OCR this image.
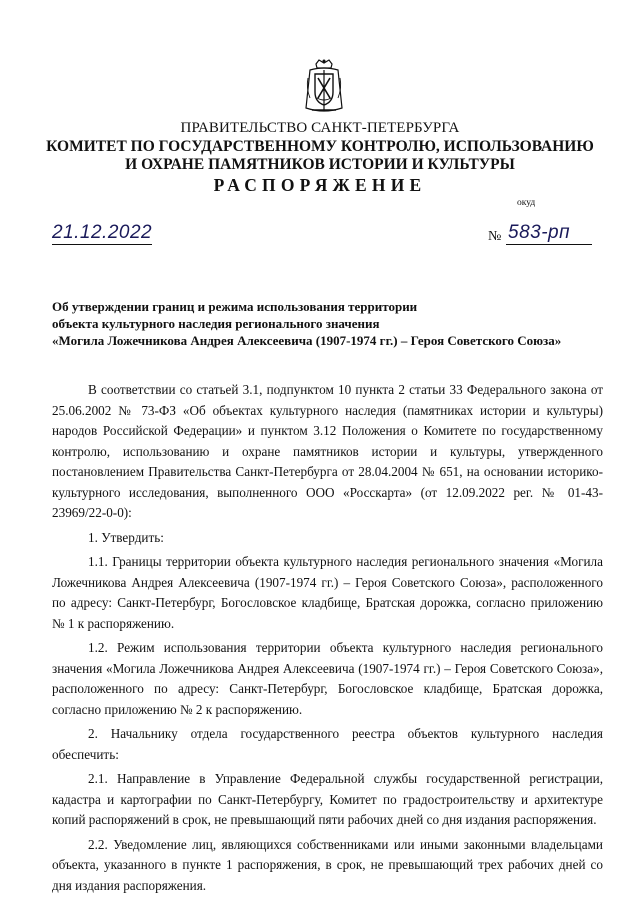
ПРАВИТЕЛЬСТВО САНКТ-ПЕТЕРБУРГА
КОМИТЕТ ПО ГОСУДАРСТВЕННОМУ КОНТРОЛЮ, ИСПОЛЬЗОВАНИЮ
И ОХРАНЕ ПАМЯТНИКОВ ИСТОРИИ И КУЛЬТУРЫ
РАСПОРЯЖЕНИЕ
окуд
21.12.2022	№ 583-рп
Об утверждении границ и режима использования территории
объекта культурного наследия регионального значения
«Могила Ложечникова Андрея Алексеевича (1907-1974 гг.) – Героя Советского Союза»

В соответствии со статьей 3.1, подпунктом 10 пункта 2 статьи 33 Федерального закона от 25.06.2002 № 73-ФЗ «Об объектах культурного наследия (памятниках истории и культуры) народов Российской Федерации» и пунктом 3.12 Положения о Комитете по государственному контролю, использованию и охране памятников истории и культуры, утвержденного постановлением Правительства Санкт-Петербурга от 28.04.2004 № 651, на основании историко-культурного исследования, выполненного ООО «Росскарта» (от 12.09.2022 рег. № 01-43-23969/22-0-0):

1. Утвердить:

1.1. Границы территории объекта культурного наследия регионального значения «Могила Ложечникова Андрея Алексеевича (1907-1974 гг.) – Героя Советского Союза», расположенного по адресу: Санкт-Петербург, Богословское кладбище, Братская дорожка, согласно приложению № 1 к распоряжению.

1.2. Режим использования территории объекта культурного наследия регионального значения «Могила Ложечникова Андрея Алексеевича (1907-1974 гг.) – Героя Советского Союза», расположенного по адресу: Санкт-Петербург, Богословское кладбище, Братская дорожка, согласно приложению № 2 к распоряжению.

2. Начальнику отдела государственного реестра объектов культурного наследия обеспечить:

2.1. Направление в Управление Федеральной службы государственной регистрации, кадастра и картографии по Санкт-Петербургу, Комитет по градостроительству и архитектуре копий распоряжений в срок, не превышающий пяти рабочих дней со дня издания распоряжения.

2.2. Уведомление лиц, являющихся собственниками или иными законными владельцами объекта, указанного в пункте 1 распоряжения, в срок, не превышающий трех рабочих дней со дня издания распоряжения.
